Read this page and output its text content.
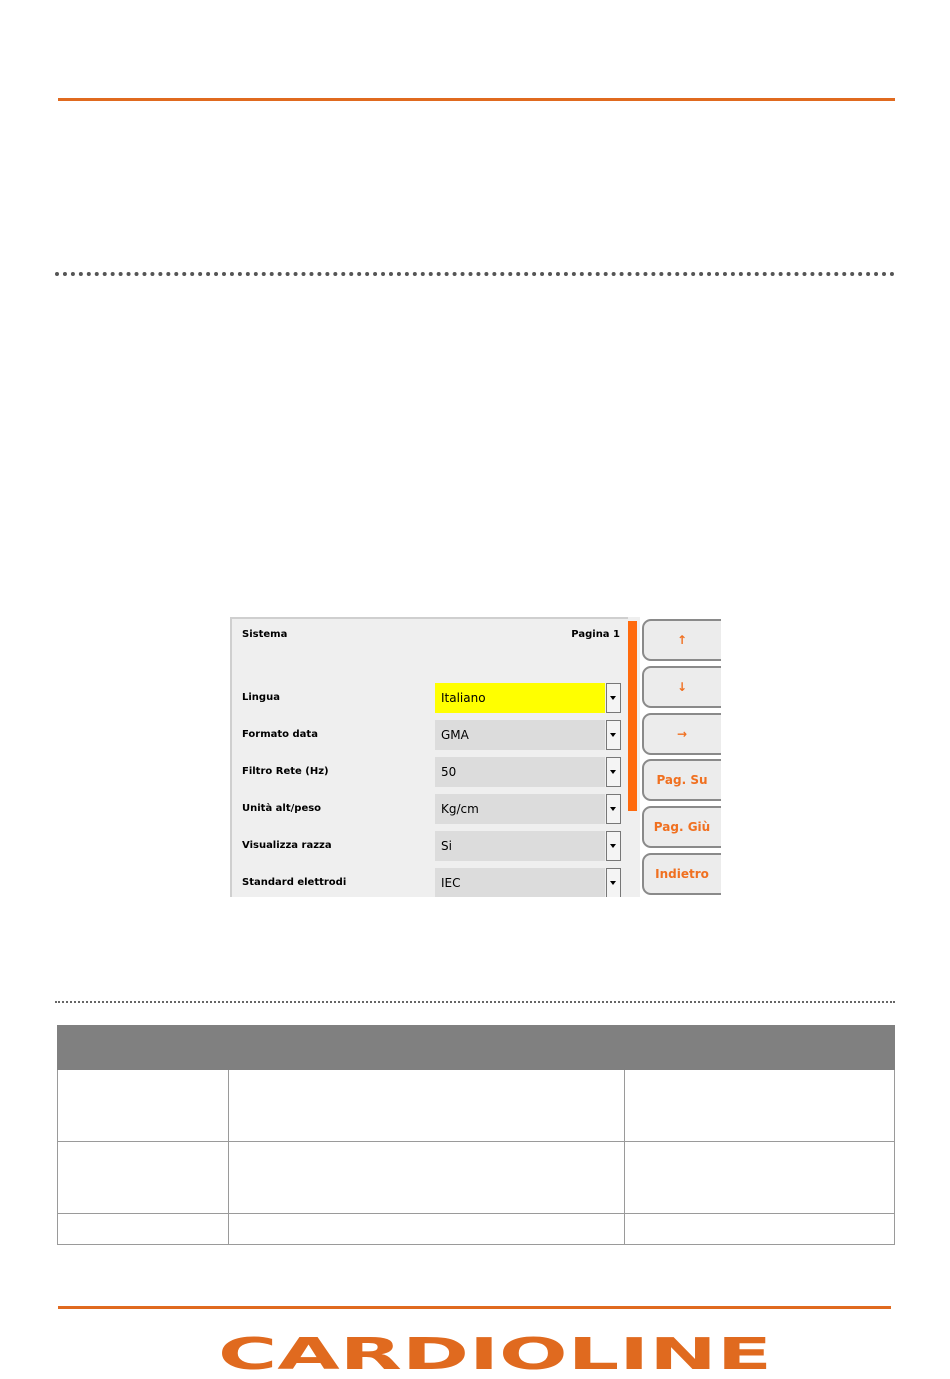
Sistema	Pagina 1
Lingua	Italiano
Formato data	GMA
Filtro Rete (Hz)	50
Unità alt/peso	Kg/cm
Visualizza razza	Si
Standard elettrodi	IEC
↑
↓
→
Pag. Su
Pag. Giù
Indietro

CARDIOLINE
